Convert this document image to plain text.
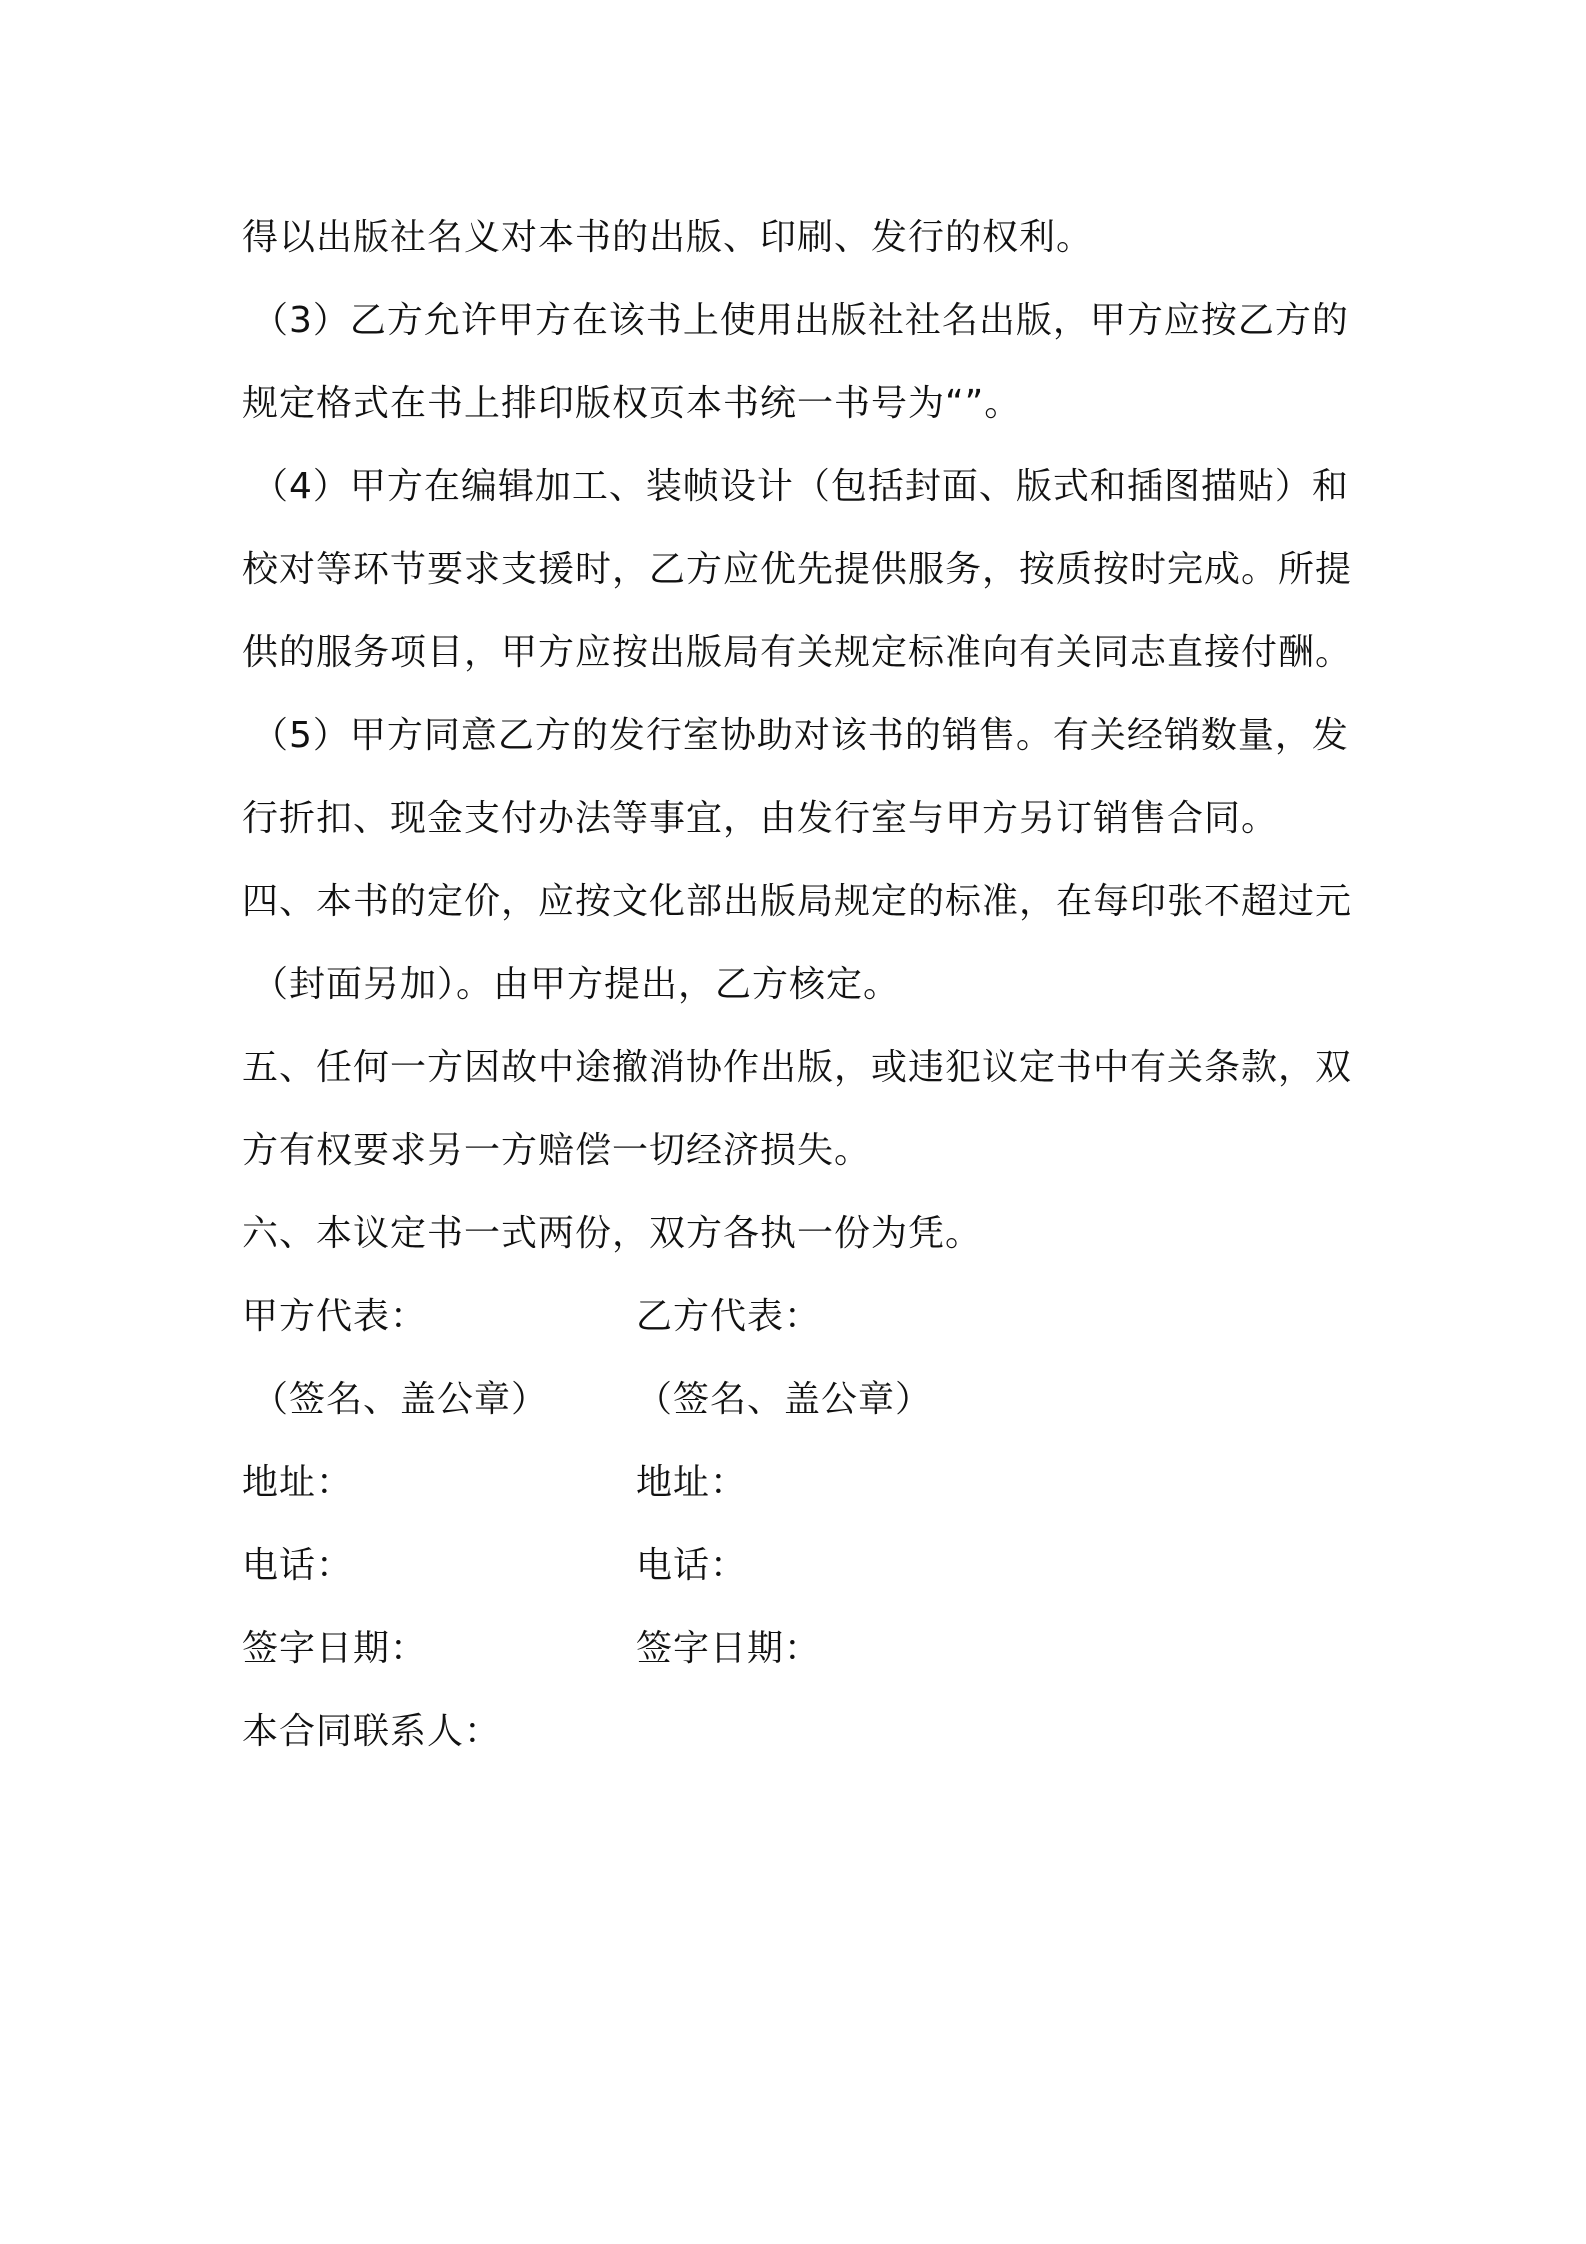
得以出版社名义对本书的出版、印刷、发行的权利。
（3）乙方允许甲方在该书上使用出版社社名出版，甲方应按乙方的
规定格式在书上排印版权页本书统一书号为“”。
（4）甲方在编辑加工、装帧设计（包括封面、版式和插图描贴）和
校对等环节要求支援时，乙方应优先提供服务，按质按时完成。所提
供的服务项目，甲方应按出版局有关规定标准向有关同志直接付酬。
（5）甲方同意乙方的发行室协助对该书的销售。有关经销数量，发
行折扣、现金支付办法等事宜，由发行室与甲方另订销售合同。
四、本书的定价，应按文化部出版局规定的标准，在每印张不超过元
（封面另加）。由甲方提出，乙方核定。
五、任何一方因故中途撤消协作出版，或违犯议定书中有关条款，双
方有权要求另一方赔偿一切经济损失。
六、本议定书一式两份，双方各执一份为凭。
甲方代表：	乙方代表：
（签名、盖公章） （签名、盖公章）
地址：	地址：
电话：	电话：
签字日期：	签字日期：
本合同联系人：
